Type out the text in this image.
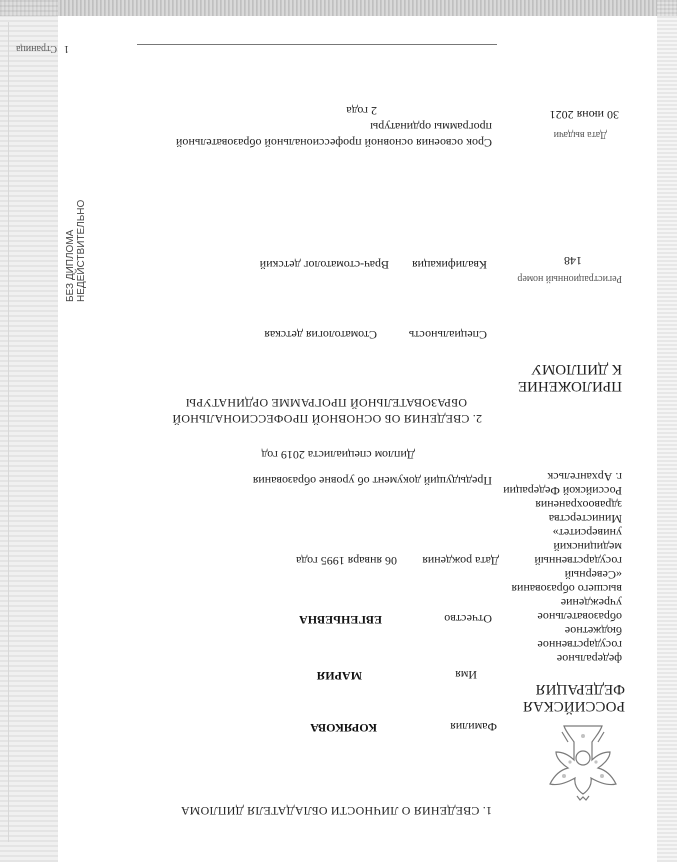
1. СВЕДЕНИЯ О ЛИЧНОСТИ ОБЛАДАТЕЛЯ ДИПЛОМА
Фамилия
КОРЯКОВА
Имя
МАРИЯ
Отчество
ЕВГЕНЬЕВНА
Дата рождения
06 января 1995 года
Предыдущий документ об уровне образования
Диплом специалиста 2019 год
2. СВЕДЕНИЯ ОБ ОСНОВНОЙ ПРОФЕССИОНАЛЬНОЙ
ОБРАЗОВАТЕЛЬНОЙ ПРОГРАММЕ ОРДИНАТУРЫ
Специальность
Стоматология детская
Квалификация
Врач-стоматолог детский
Срок освоения основной профессиональной образовательной
программы ординатуры
2 года
РОССИЙСКАЯ
ФЕДЕРАЦИЯ
федеральное
государственное
бюджетное
образовательное
учреждение
высшего образования
«Северный
государственный
медицинский
университет»
Министерства
здравоохранения
Российской Федерации
г. Архангельск
ПРИЛОЖЕНИЕ
К ДИПЛОМУ
Регистрационный номер
148
Дата выдачи
30 июня 2021
БЕЗ ДИПЛОМА НЕДЕЙСТВИТЕЛЬНО
Страница 1
